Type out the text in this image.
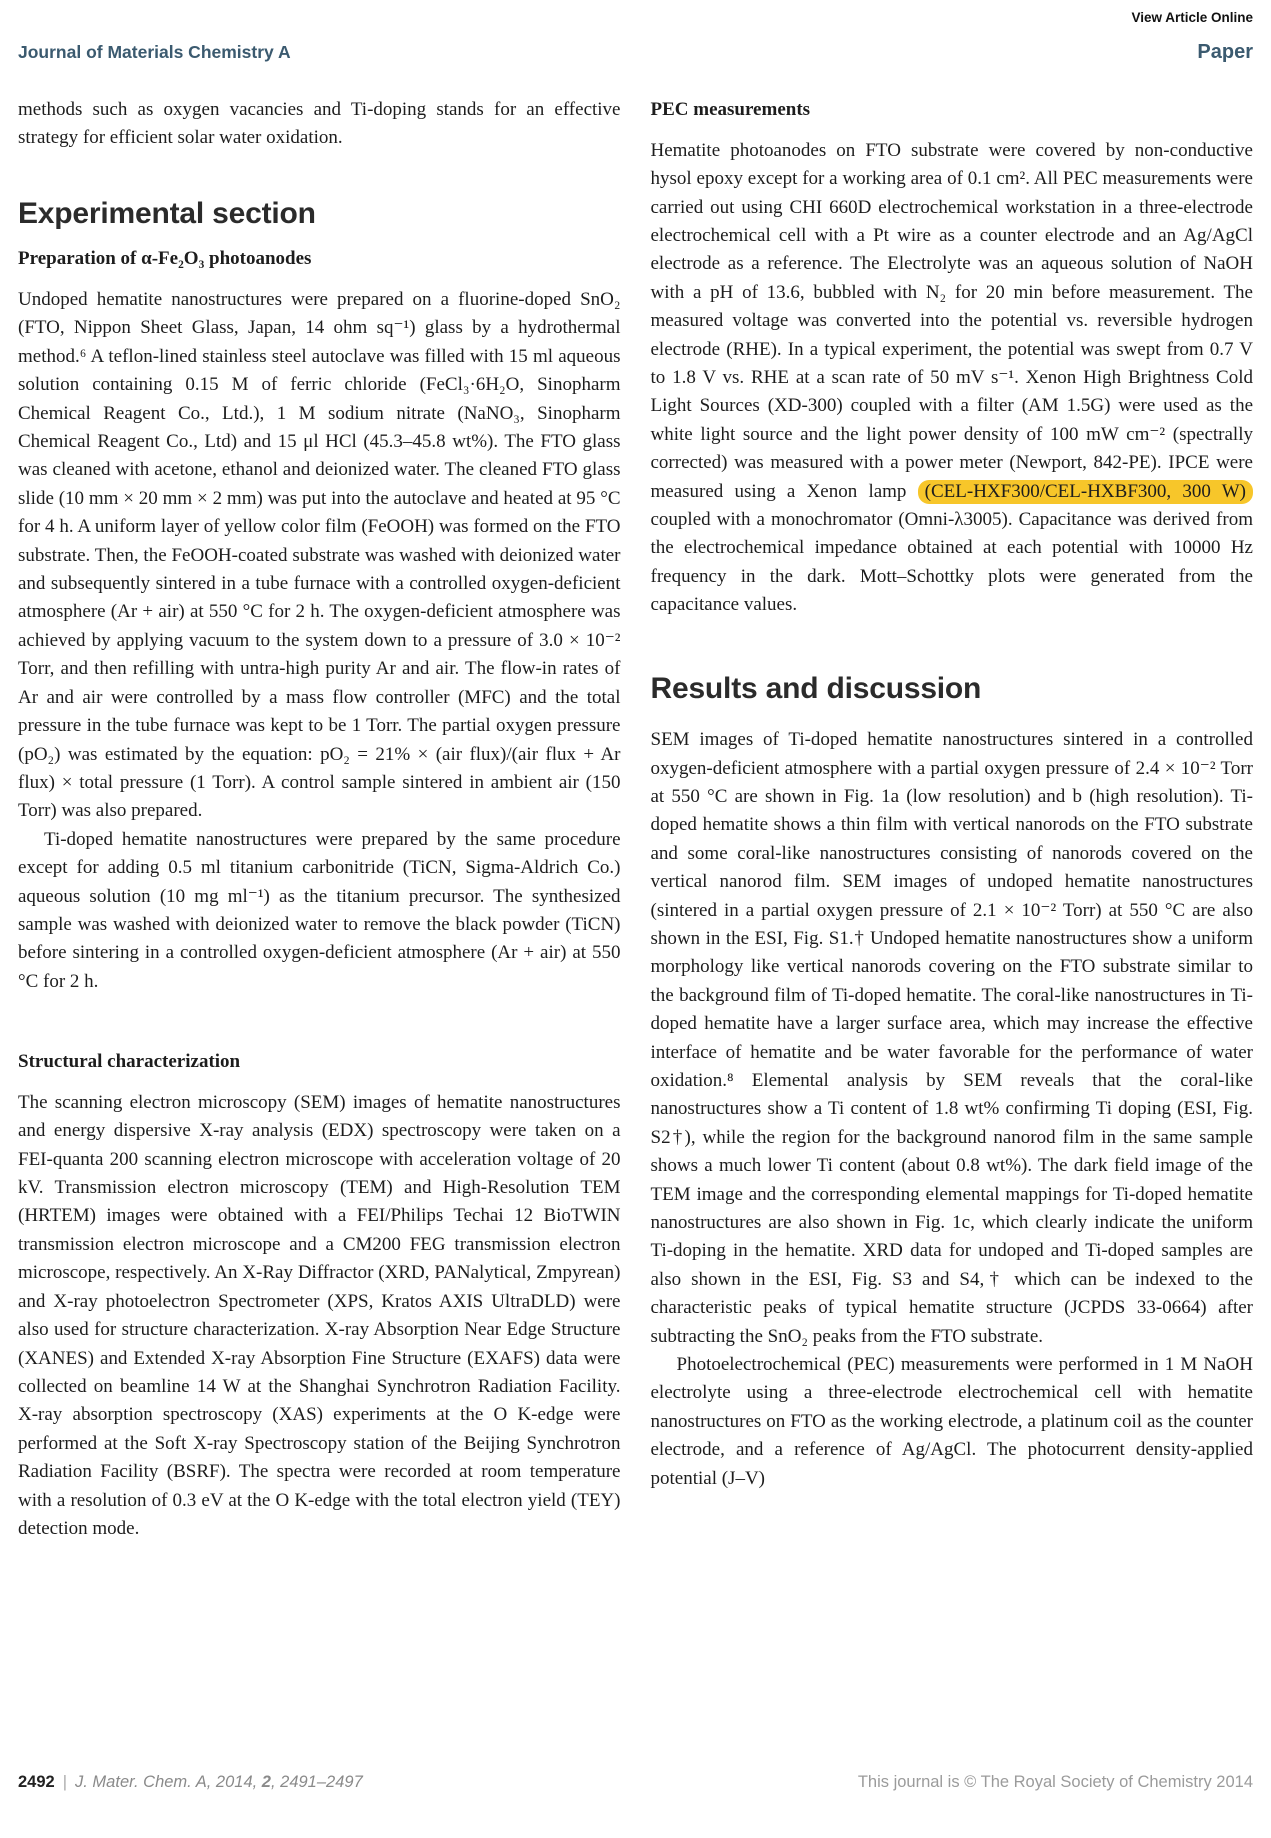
View Article Online
Journal of Materials Chemistry A	Paper

methods such as oxygen vacancies and Ti-doping stands for an effective strategy for efficient solar water oxidation.

Experimental section
Preparation of α-Fe₂O₃ photoanodes

Undoped hematite nanostructures were prepared on a fluorine-doped SnO₂ (FTO, Nippon Sheet Glass, Japan, 14 ohm sq⁻¹) glass by a hydrothermal method.⁶ A teflon-lined stainless steel autoclave was filled with 15 ml aqueous solution containing 0.15 M of ferric chloride (FeCl₃·6H₂O, Sinopharm Chemical Reagent Co., Ltd.), 1 M sodium nitrate (NaNO₃, Sinopharm Chemical Reagent Co., Ltd) and 15 μl HCl (45.3–45.8 wt%). The FTO glass was cleaned with acetone, ethanol and deionized water. The cleaned FTO glass slide (10 mm × 20 mm × 2 mm) was put into the autoclave and heated at 95 °C for 4 h. A uniform layer of yellow color film (FeOOH) was formed on the FTO substrate. Then, the FeOOH-coated substrate was washed with deionized water and subsequently sintered in a tube furnace with a controlled oxygen-deficient atmosphere (Ar + air) at 550 °C for 2 h. The oxygen-deficient atmosphere was achieved by applying vacuum to the system down to a pressure of 3.0 × 10⁻² Torr, and then refilling with untra-high purity Ar and air. The flow-in rates of Ar and air were controlled by a mass flow controller (MFC) and the total pressure in the tube furnace was kept to be 1 Torr. The partial oxygen pressure (pO₂) was estimated by the equation: pO₂ = 21% × (air flux)/(air flux + Ar flux) × total pressure (1 Torr). A control sample sintered in ambient air (150 Torr) was also prepared.

Ti-doped hematite nanostructures were prepared by the same procedure except for adding 0.5 ml titanium carbonitride (TiCN, Sigma-Aldrich Co.) aqueous solution (10 mg ml⁻¹) as the titanium precursor. The synthesized sample was washed with deionized water to remove the black powder (TiCN) before sintering in a controlled oxygen-deficient atmosphere (Ar + air) at 550 °C for 2 h.

Structural characterization

The scanning electron microscopy (SEM) images of hematite nanostructures and energy dispersive X-ray analysis (EDX) spectroscopy were taken on a FEI-quanta 200 scanning electron microscope with acceleration voltage of 20 kV. Transmission electron microscopy (TEM) and High-Resolution TEM (HRTEM) images were obtained with a FEI/Philips Techai 12 BioTWIN transmission electron microscope and a CM200 FEG transmission electron microscope, respectively. An X-Ray Diffractor (XRD, PANalytical, Zmpyrean) and X-ray photoelectron Spectrometer (XPS, Kratos AXIS UltraDLD) were also used for structure characterization. X-ray Absorption Near Edge Structure (XANES) and Extended X-ray Absorption Fine Structure (EXAFS) data were collected on beamline 14 W at the Shanghai Synchrotron Radiation Facility. X-ray absorption spectroscopy (XAS) experiments at the O K-edge were performed at the Soft X-ray Spectroscopy station of the Beijing Synchrotron Radiation Facility (BSRF). The spectra were recorded at room temperature with a resolution of 0.3 eV at the O K-edge with the total electron yield (TEY) detection mode.

PEC measurements

Hematite photoanodes on FTO substrate were covered by non-conductive hysol epoxy except for a working area of 0.1 cm². All PEC measurements were carried out using CHI 660D electrochemical workstation in a three-electrode electrochemical cell with a Pt wire as a counter electrode and an Ag/AgCl electrode as a reference. The Electrolyte was an aqueous solution of NaOH with a pH of 13.6, bubbled with N₂ for 20 min before measurement. The measured voltage was converted into the potential vs. reversible hydrogen electrode (RHE). In a typical experiment, the potential was swept from 0.7 V to 1.8 V vs. RHE at a scan rate of 50 mV s⁻¹. Xenon High Brightness Cold Light Sources (XD-300) coupled with a filter (AM 1.5G) were used as the white light source and the light power density of 100 mW cm⁻² (spectrally corrected) was measured with a power meter (Newport, 842-PE). IPCE were measured using a Xenon lamp (CEL-HXF300/CEL-HXBF300, 300 W) coupled with a monochromator (Omni-λ3005). Capacitance was derived from the electrochemical impedance obtained at each potential with 10000 Hz frequency in the dark. Mott–Schottky plots were generated from the capacitance values.

Results and discussion

SEM images of Ti-doped hematite nanostructures sintered in a controlled oxygen-deficient atmosphere with a partial oxygen pressure of 2.4 × 10⁻² Torr at 550 °C are shown in Fig. 1a (low resolution) and b (high resolution). Ti-doped hematite shows a thin film with vertical nanorods on the FTO substrate and some coral-like nanostructures consisting of nanorods covered on the vertical nanorod film. SEM images of undoped hematite nanostructures (sintered in a partial oxygen pressure of 2.1 × 10⁻² Torr) at 550 °C are also shown in the ESI, Fig. S1.† Undoped hematite nanostructures show a uniform morphology like vertical nanorods covering on the FTO substrate similar to the background film of Ti-doped hematite. The coral-like nanostructures in Ti-doped hematite have a larger surface area, which may increase the effective interface of hematite and be water favorable for the performance of water oxidation.⁸ Elemental analysis by SEM reveals that the coral-like nanostructures show a Ti content of 1.8 wt% confirming Ti doping (ESI, Fig. S2†), while the region for the background nanorod film in the same sample shows a much lower Ti content (about 0.8 wt%). The dark field image of the TEM image and the corresponding elemental mappings for Ti-doped hematite nanostructures are also shown in Fig. 1c, which clearly indicate the uniform Ti-doping in the hematite. XRD data for undoped and Ti-doped samples are also shown in the ESI, Fig. S3 and S4,† which can be indexed to the characteristic peaks of typical hematite structure (JCPDS 33-0664) after subtracting the SnO₂ peaks from the FTO substrate.

Photoelectrochemical (PEC) measurements were performed in 1 M NaOH electrolyte using a three-electrode electrochemical cell with hematite nanostructures on FTO as the working electrode, a platinum coil as the counter electrode, and a reference of Ag/AgCl. The photocurrent density-applied potential (J–V)

2492 | J. Mater. Chem. A, 2014, 2, 2491–2497	This journal is © The Royal Society of Chemistry 2014
